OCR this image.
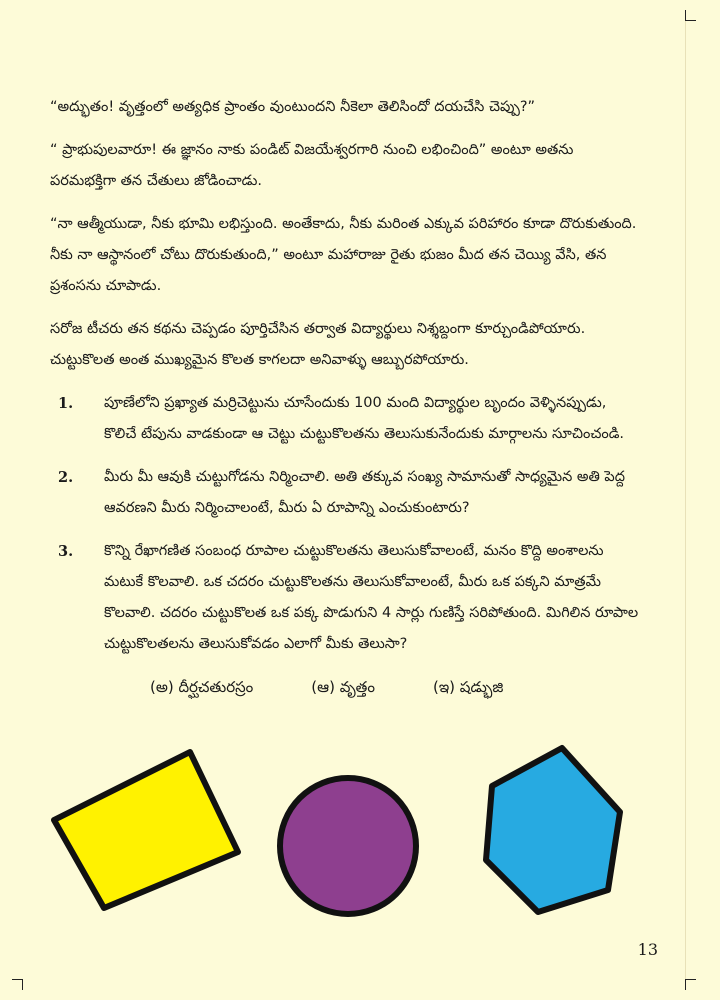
“అద్భుతం! వృత్తంలో అత్యధిక ప్రాంతం వుంటుందని నీకెలా తెలిసిందో దయచేసి చెప్పు?”

“ ప్రాభుపులవారూ! ఈ జ్ఞానం నాకు పండిట్ విజయేశ్వరగారి నుంచి లభించింది” అంటూ అతను పరమభక్తిగా తన చేతులు జోడించాడు.

“నా ఆత్మీయుడా, నీకు భూమి లభిస్తుంది. అంతేకాదు, నీకు మరింత ఎక్కువ పరిహారం కూడా దొరుకుతుంది. నీకు నా ఆస్థానంలో చోటు దొరుకుతుంది,” అంటూ మహారాజు రైతు భుజం మీద తన చెయ్యి వేసి, తన ప్రశంసను చూపాడు.

సరోజ టీచరు తన కథను చెప్పడం పూర్తిచేసిన తర్వాత విద్యార్థులు నిశ్శబ్దంగా కూర్చుండిపోయారు. చుట్టుకొలత అంత ముఖ్యమైన కొలత కాగలదా అనివాళ్ళు ఆబ్బురపోయారు.

1.	పూణేలోని ప్రఖ్యాత మర్రిచెట్టును చూసేందుకు 100 మంది విద్యార్థుల బృందం వెళ్ళినప్పుడు, కొలిచే టేపును వాడకుండా ఆ చెట్టు చుట్టుకొలతను తెలుసుకునేందుకు మార్గాలను సూచించండి.
2.	మీరు మీ ఆవుకి చుట్టుగోడను నిర్మించాలి. అతి తక్కువ సంఖ్య సామానుతో సాధ్యమైన అతి పెద్ద ఆవరణని మీరు నిర్మించాలంటే, మీరు ఏ రూపాన్ని ఎంచుకుంటారు?
3.	కొన్ని రేఖాగణిత సంబంధ రూపాల చుట్టుకొలతను తెలుసుకోవాలంటే, మనం కొద్ది అంశాలను మటుకే కొలవాలి. ఒక చదరం చుట్టుకొలతను తెలుసుకోవాలంటే, మీరు ఒక పక్కని మాత్రమే కొలవాలి. చదరం చుట్టుకొలత ఒక పక్క పొడుగుని 4 సార్లు గుణిస్తే సరిపోతుంది. మిగిలిన రూపాల చుట్టుకొలతలను తెలుసుకోవడం ఎలాగో మీకు తెలుసా?
(అ) దీర్ఘచతురస్రం	(ఆ) వృత్తం	(ఇ) షడ్భుజి
13
